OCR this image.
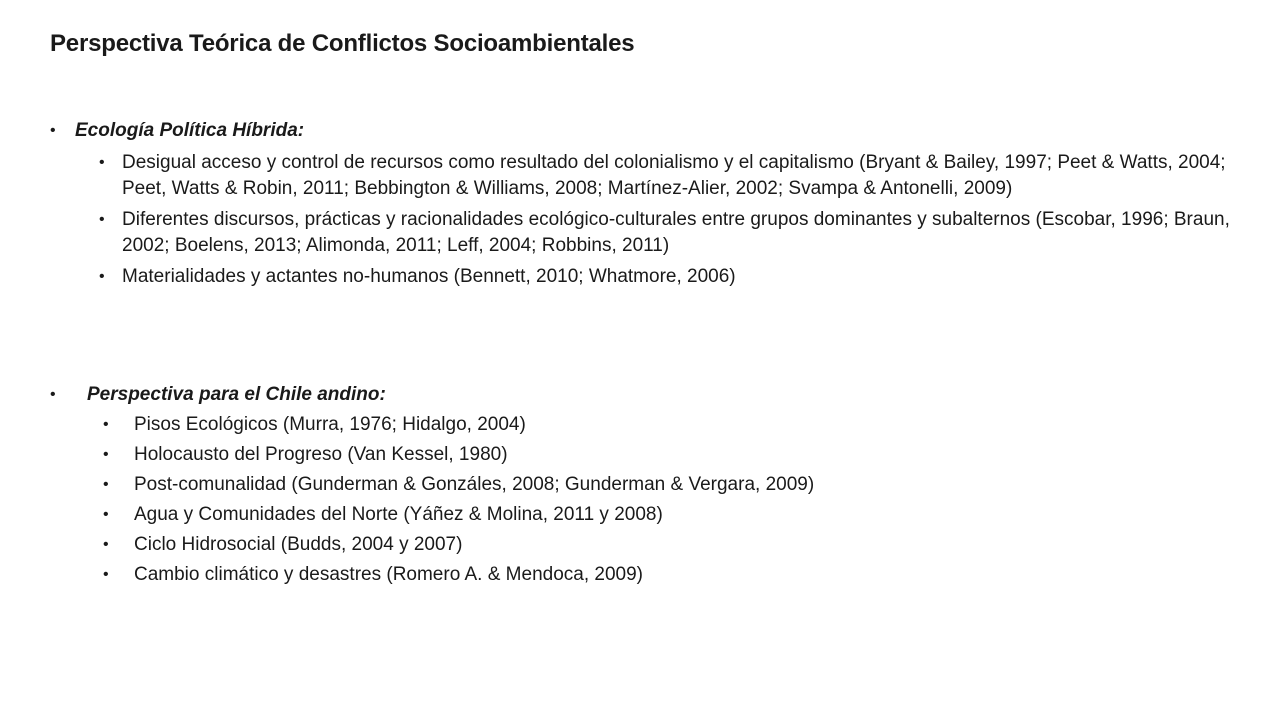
Perspectiva Teórica de Conflictos Socioambientales
• Ecología Política Híbrida:
• Desigual acceso y control de recursos como resultado del colonialismo y el capitalismo (Bryant & Bailey, 1997; Peet & Watts, 2004; Peet, Watts & Robin, 2011; Bebbington & Williams, 2008; Martínez-Alier, 2002; Svampa & Antonelli, 2009)
• Diferentes discursos, prácticas y racionalidades ecológico-culturales entre grupos dominantes y subalternos (Escobar, 1996; Braun, 2002; Boelens, 2013; Alimonda, 2011; Leff, 2004; Robbins, 2011)
• Materialidades y actantes no-humanos (Bennett, 2010; Whatmore, 2006)
• Perspectiva para el Chile andino:
• Pisos Ecológicos (Murra, 1976; Hidalgo, 2004)
• Holocausto del Progreso (Van Kessel, 1980)
• Post-comunalidad (Gunderman & Gonzáles, 2008; Gunderman & Vergara, 2009)
• Agua y Comunidades del Norte (Yáñez & Molina, 2011 y 2008)
• Ciclo Hidrosocial (Budds, 2004 y 2007)
• Cambio climático y desastres (Romero A. & Mendoca, 2009)
